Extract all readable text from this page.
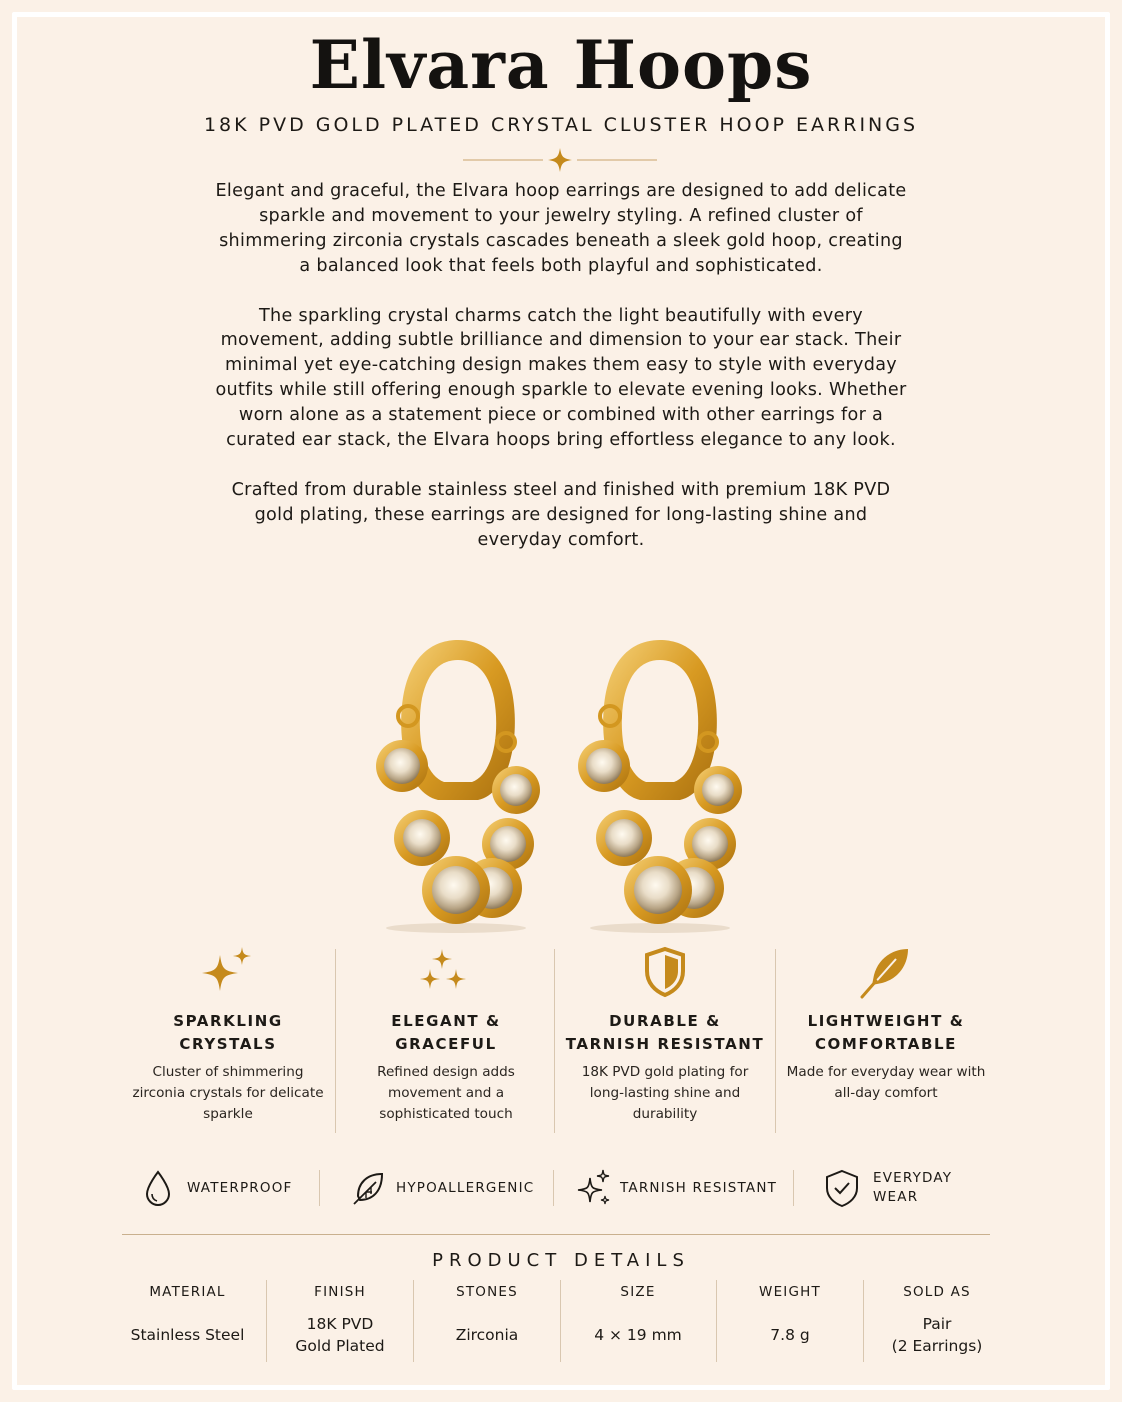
Elvara Hoops
18K PVD GOLD PLATED CRYSTAL CLUSTER HOOP EARRINGS

Elegant and graceful, the Elvara hoop earrings are designed to add delicate sparkle and movement to your jewelry styling. A refined cluster of shimmering zirconia crystals cascades beneath a sleek gold hoop, creating a balanced look that feels both playful and sophisticated.

The sparkling crystal charms catch the light beautifully with every movement, adding subtle brilliance and dimension to your ear stack. Their minimal yet eye-catching design makes them easy to style with everyday outfits while still offering enough sparkle to elevate evening looks. Whether worn alone as a statement piece or combined with other earrings for a curated ear stack, the Elvara hoops bring effortless elegance to any look.

Crafted from durable stainless steel and finished with premium 18K PVD gold plating, these earrings are designed for long-lasting shine and everyday comfort.

SPARKLING
CRYSTALS
Cluster of shimmering zirconia crystals for delicate sparkle
ELEGANT &
GRACEFUL
Refined design adds movement and a sophisticated touch
DURABLE &
TARNISH RESISTANT
18K PVD gold plating for long-lasting shine and durability
LIGHTWEIGHT &
COMFORTABLE
Made for everyday wear with all-day comfort
WATERPROOF	HYPOALLERGENIC	TARNISH RESISTANT
EVERYDAY
WEAR
PRODUCT DETAILS
MATERIAL
Stainless Steel
FINISH
18K PVD
Gold Plated
STONES
Zirconia
SIZE
4 × 19 mm
WEIGHT
7.8 g
SOLD AS
Pair
(2 Earrings)
